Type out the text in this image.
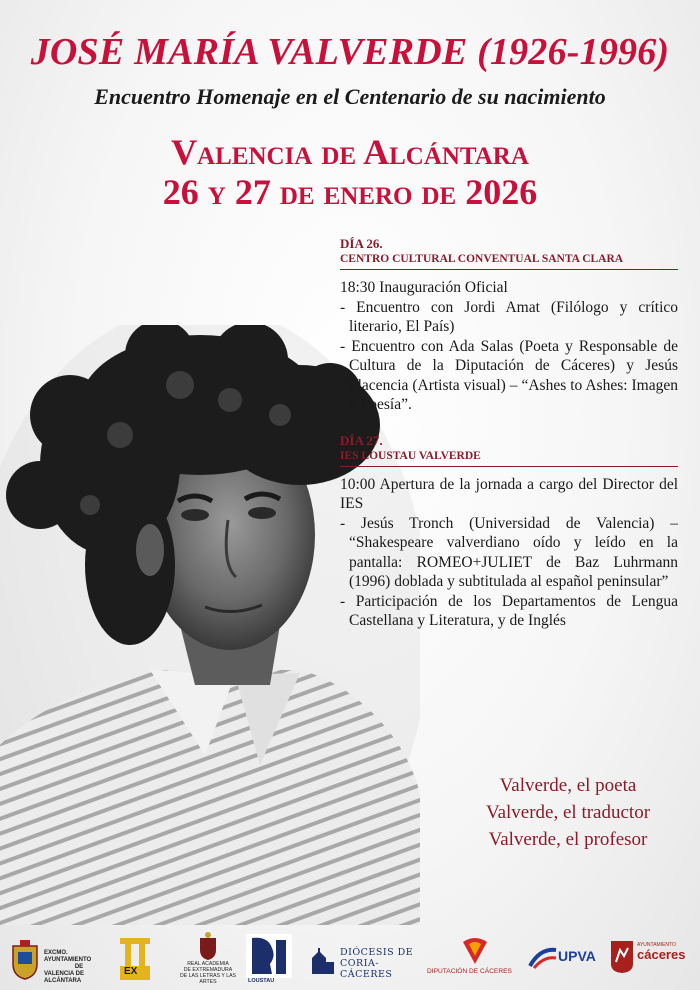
JOSÉ MARÍA VALVERDE (1926-1996)

Encuentro Homenaje en el Centenario de su nacimiento

Valencia de Alcántara
26 y 27 de enero de 2026

DÍA 26.

CENTRO CULTURAL CONVENTUAL SANTA CLARA

18:30 Inauguración Oficial

- Encuentro con Jordi Amat (Filólogo y crítico literario, El País)

- Encuentro con Ada Salas (Poeta y Responsable de Cultura de la Diputación de Cáceres) y Jesús Placencia (Artista visual) – “Ashes to Ashes: Imagen y Poesía”.

DÍA 27.

IES LOUSTAU VALVERDE

10:00 Apertura de la jornada a cargo del Director del IES

- Jesús Tronch (Universidad de Valencia) – “Shakespeare valverdiano oído y leído en la pantalla: ROMEO+JULIET de Baz Luhrmann (1996) doblada y subtitulada al español peninsular”

- Participación de los Departamentos de Lengua Castellana y Literatura, y de Inglés

Valverde, el poeta
Valverde, el traductor
Valverde, el profesor
EXCMO. AYUNTAMIENTO
DE
VALENCIA DE ALCÁNTARA
EX
REAL ACADEMIA
DE EXTREMADURA
DE LAS LETRAS Y LAS ARTES	LOUSTAU
DIÓCESIS DE
CORIA-CÁCERES	DIPUTACIÓN DE CÁCERES
UPVA
AYUNTAMIENTO
cáceres
